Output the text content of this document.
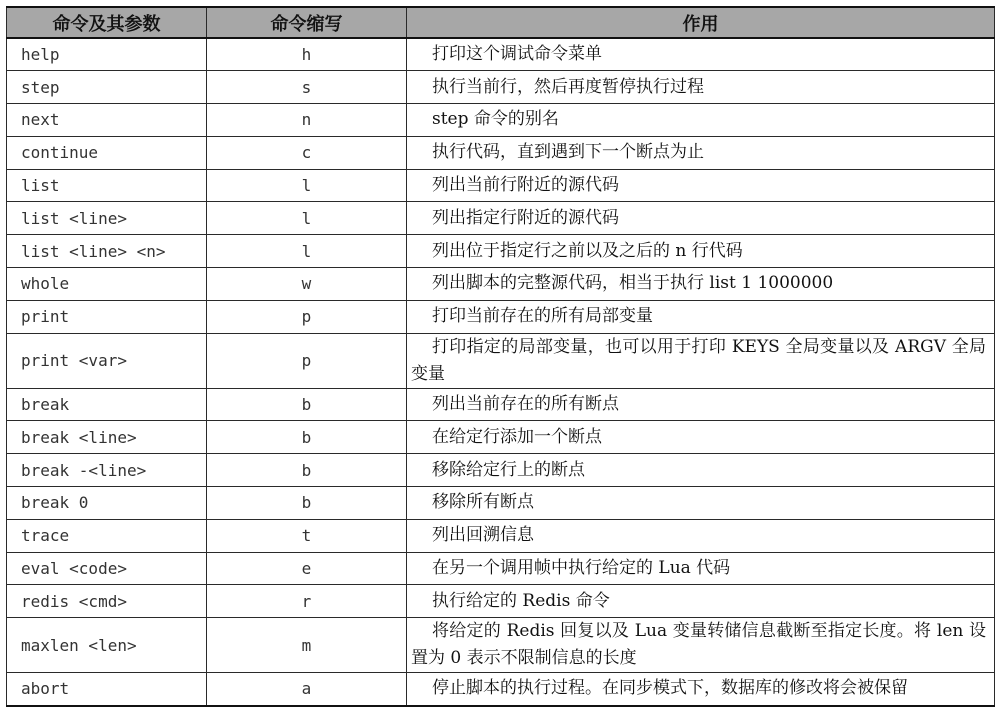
命令及其参数	命令缩写	作用
help	h	打印这个调试命令菜单
step	s	执行当前行，然后再度暂停执行过程
next	n	step 命令的别名
continue	c	执行代码，直到遇到下一个断点为止
list	l	列出当前行附近的源代码
list <line>	l	列出指定行附近的源代码
list <line> <n>	l	列出位于指定行之前以及之后的 n 行代码
whole	w	列出脚本的完整源代码，相当于执行 list 1 1000000
print	p	打印当前存在的所有局部变量
print <var>	p	打印指定的局部变量，也可以用于打印 KEYS 全局变量以及 ARGV 全局变量
break	b	列出当前存在的所有断点
break <line>	b	在给定行添加一个断点
break -<line>	b	移除给定行上的断点
break 0	b	移除所有断点
trace	t	列出回溯信息
eval <code>	e	在另一个调用帧中执行给定的 Lua 代码
redis <cmd>	r	执行给定的 Redis 命令
maxlen <len>	m	将给定的 Redis 回复以及 Lua 变量转储信息截断至指定长度。将 len 设置为 0 表示不限制信息的长度
abort	a	停止脚本的执行过程。在同步模式下，数据库的修改将会被保留
